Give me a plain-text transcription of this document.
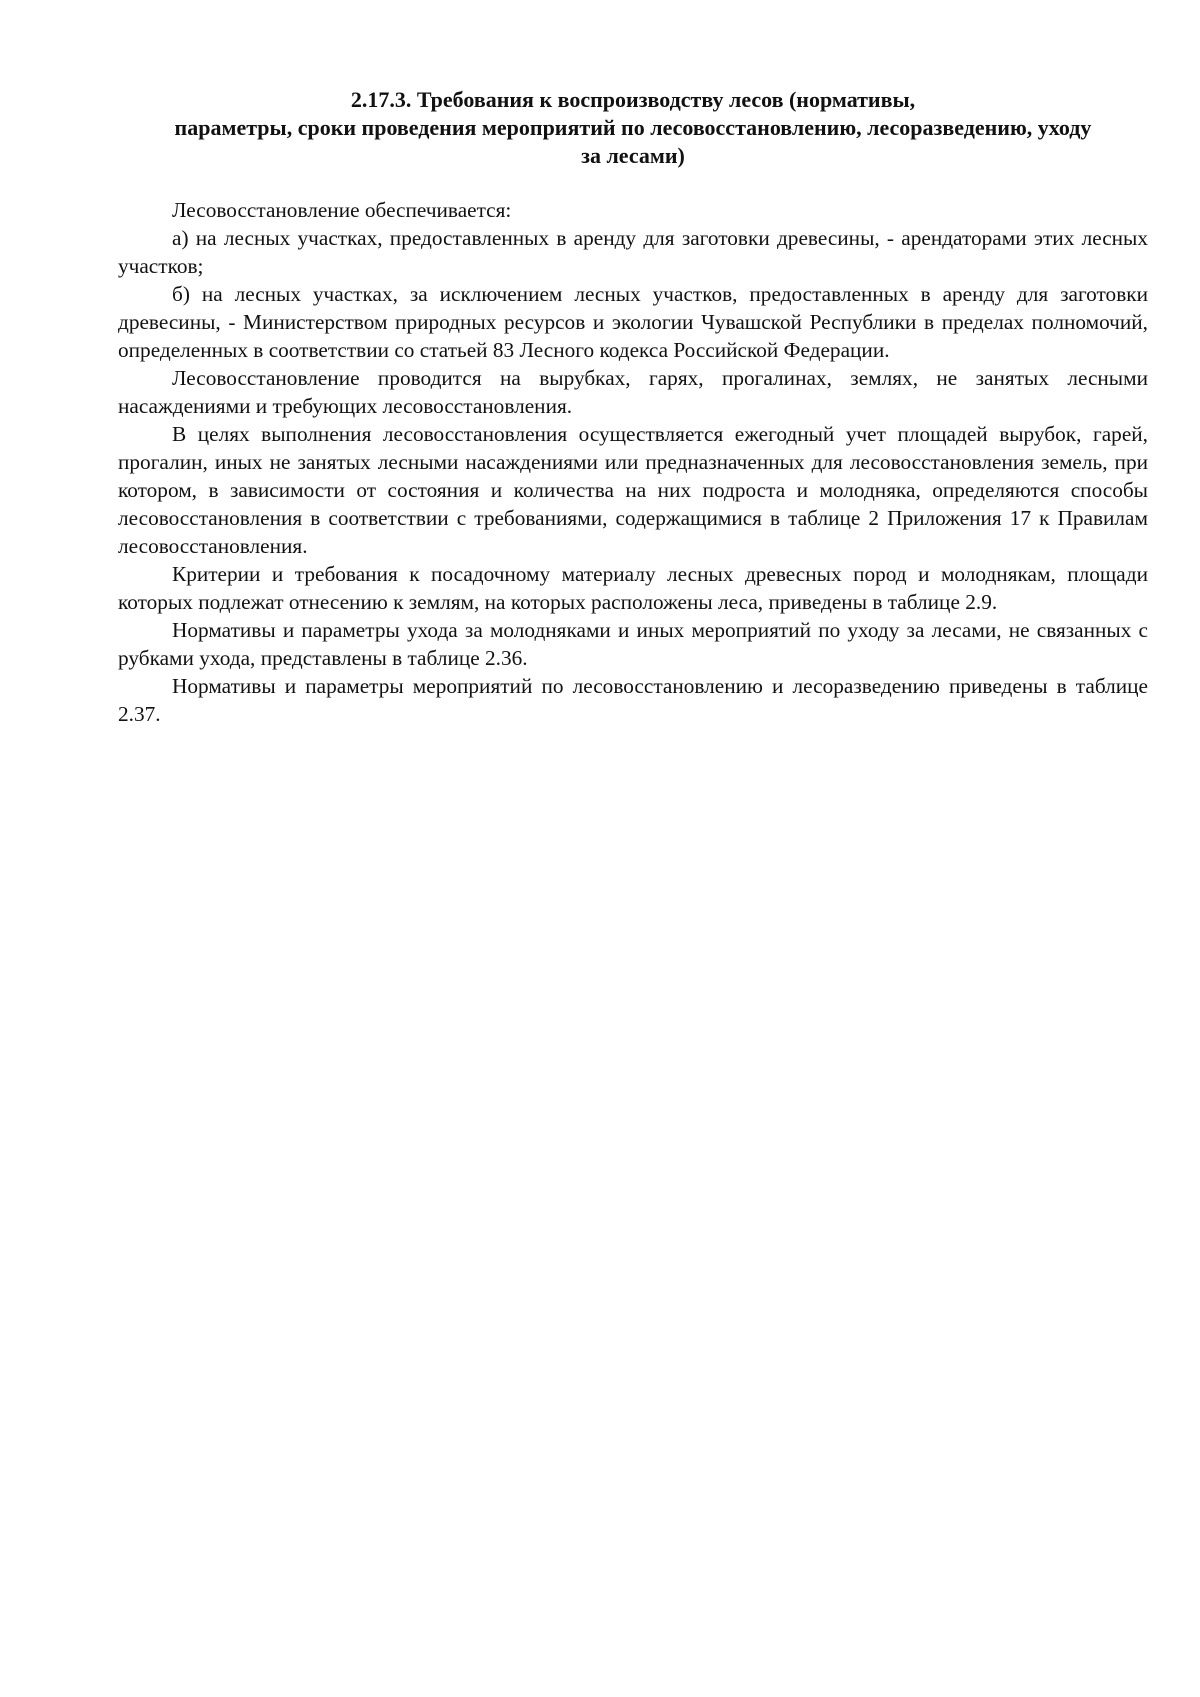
2.17.3. Требования к воспроизводству лесов (нормативы,
параметры, сроки проведения мероприятий по лесовосстановлению, лесоразведению, уходу
за лесами)

Лесовосстановление обеспечивается:

а) на лесных участках, предоставленных в аренду для заготовки древесины, - арендаторами этих лесных участков;

б) на лесных участках, за исключением лесных участков, предоставленных в аренду для заготовки древесины, - Министерством природных ресурсов и экологии Чувашской Республики в пределах полномочий, определенных в соответствии со статьей 83 Лесного кодекса Российской Федерации.

Лесовосстановление проводится на вырубках, гарях, прогалинах, землях, не занятых лесными насаждениями и требующих лесовосстановления.

В целях выполнения лесовосстановления осуществляется ежегодный учет площадей вырубок, гарей, прогалин, иных не занятых лесными насаждениями или предназначенных для лесовосстановления земель, при котором, в зависимости от состояния и количества на них подроста и молодняка, определяются способы лесовосстановления в соответствии с требованиями, содержащимися в таблице 2 Приложения 17 к Правилам лесовосстановления.

Критерии и требования к посадочному материалу лесных древесных пород и молоднякам, площади которых подлежат отнесению к землям, на которых расположены леса, приведены в таблице 2.9.

Нормативы и параметры ухода за молодняками и иных мероприятий по уходу за лесами, не связанных с рубками ухода, представлены в таблице 2.36.

Нормативы и параметры мероприятий по лесовосстановлению и лесоразведению приведены в таблице 2.37.
